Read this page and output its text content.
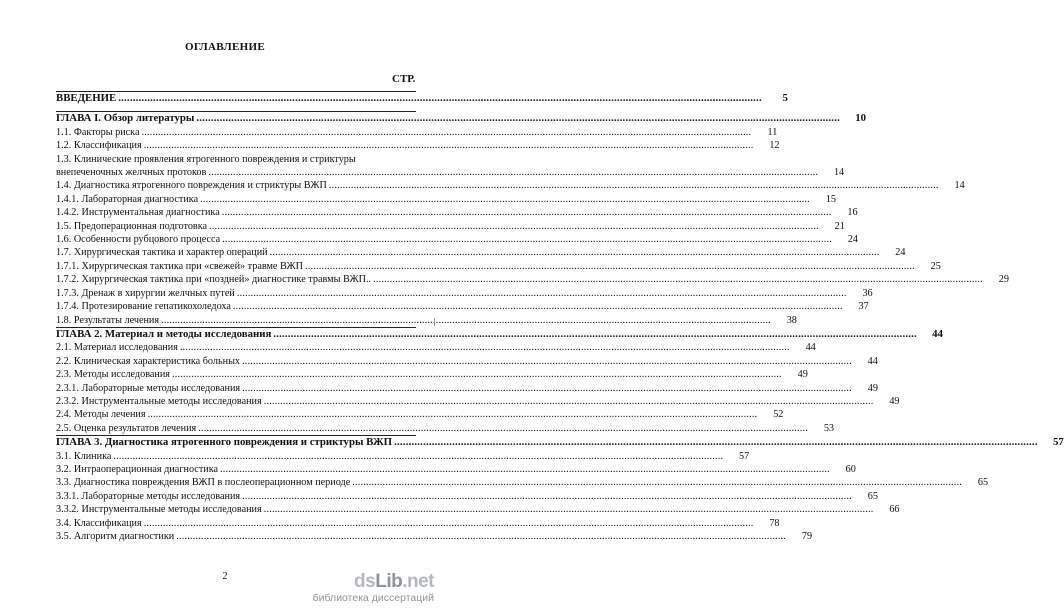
ОГЛАВЛЕНИЕ
СТР.
ВВЕДЕНИЕ .....	5
ГЛАВА I. Обзор литературы .....	10
1.1. Факторы риска .....	11
1.2. Классификация .....	12
1.3. Клинические проявления ятрогенного повреждения и стриктуры
внепеченочных желчных протоков .....	14
1.4. Диагностика ятрогенного повреждения и стриктуры ВЖП .....	14
1.4.1. Лабораторная диагностика .....	15
1.4.2. Инструментальная диагностика .....	16
1.5. Предоперационная подготовка .....	21
1.6. Особенности рубцового процесса .....	24
1.7. Хирургическая тактика и характер операций .....	24
1.7.1. Хирургическая тактика при «свежей» травме ВЖП .....	25
1.7.2. Хирургическая тактика при «поздней» диагностике травмы ВЖП.. .....	29
1.7.3. Дренаж в хирургии желчных путей .....	36
1.7.4. Протезирование гепатикохоледоха .....	37
1.8. Результаты лечения .....	38
ГЛАВА 2. Материал и методы исследования .....	44
2.1. Материал исследования .....	44
2.2. Клиническая характеристика больных .....	44
2.3. Методы исследования .....	49
2.3.1. Лабораторные методы исследования .....	49
2.3.2. Инструментальные методы исследования .....	49
2.4. Методы лечения .....	52
2.5. Оценка результатов лечения .....	53
ГЛАВА 3. Диагностика ятрогенного повреждения и стриктуры ВЖП .....	57
3.1. Клиника .....	57
3.2. Интраоперационная диагностика .....	60
3.3. Диагностика повреждения ВЖП в послеоперационном периоде .....	65
3.3.1. Лабораторные методы исследования .....	65
3.3.2. Инструментальные методы исследования .....	66
3.4. Классификация .....	78
3.5. Алгоритм диагностики .....	79
2	dsLib.net
библиотека диссертаций
